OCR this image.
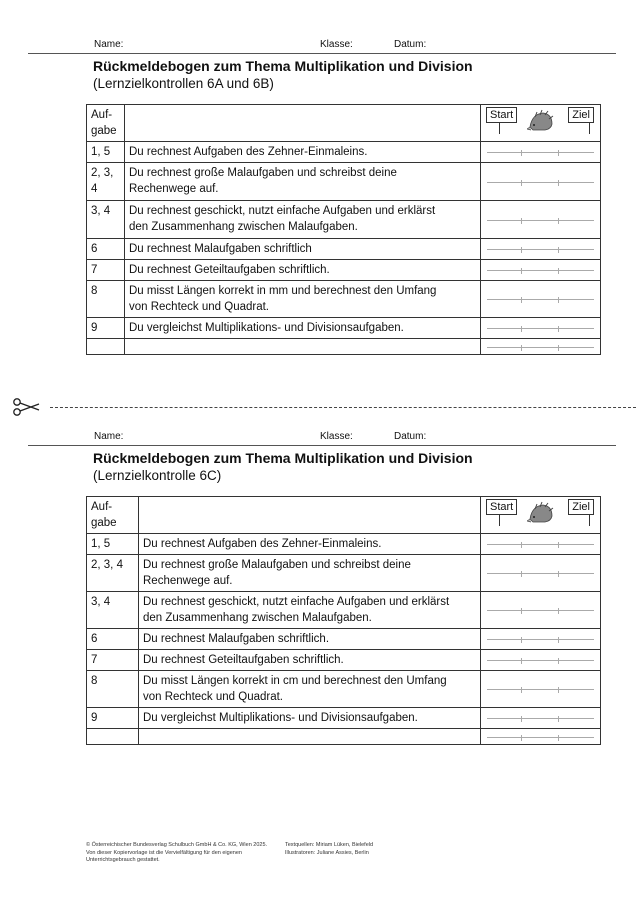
Name:	Klasse:	Datum:
Rückmeldebogen zum Thema Multiplikation und Division
(Lernzielkontrollen 6A und 6B)
Auf-
gabe		Start Ziel

1, 5	Du rechnest Aufgaben des Zehner-Einmaleins.	

2, 3,
4	Du rechnest große Malaufgaben und schreibst deine
Rechenwege auf.	

3, 4	Du rechnest geschickt, nutzt einfache Aufgaben und erklärst
den Zusammenhang zwischen Malaufgaben.	

6	Du rechnest Malaufgaben schriftlich	

7	Du rechnest Geteiltaufgaben schriftlich.	

8	Du misst Längen korrekt in mm und berechnest den Umfang
von Rechteck und Quadrat.	

9	Du vergleichst Multiplikations- und Divisionsaufgaben.	

Name:	Klasse:	Datum:
Rückmeldebogen zum Thema Multiplikation und Division
(Lernzielkontrolle 6C)
Auf-
gabe		Start Ziel

1, 5	Du rechnest Aufgaben des Zehner-Einmaleins.	

2, 3, 4	Du rechnest große Malaufgaben und schreibst deine
Rechenwege auf.	

3, 4	Du rechnest geschickt, nutzt einfache Aufgaben und erklärst
den Zusammenhang zwischen Malaufgaben.	

6	Du rechnest Malaufgaben schriftlich.	

7	Du rechnest Geteiltaufgaben schriftlich.	

8	Du misst Längen korrekt in cm und berechnest den Umfang
von Rechteck und Quadrat.	

9	Du vergleichst Multiplikations- und Divisionsaufgaben.	

© Österreichischer Bundesverlag Schulbuch GmbH & Co. KG, Wien 2025.
Von dieser Kopiervorlage ist die Vervielfältigung für den eigenen
Unterrichtsgebrauch gestattet.
Textquellen: Miriam Lüken, Bielefeld
Illustratoren: Juliane Assies, Berlin
